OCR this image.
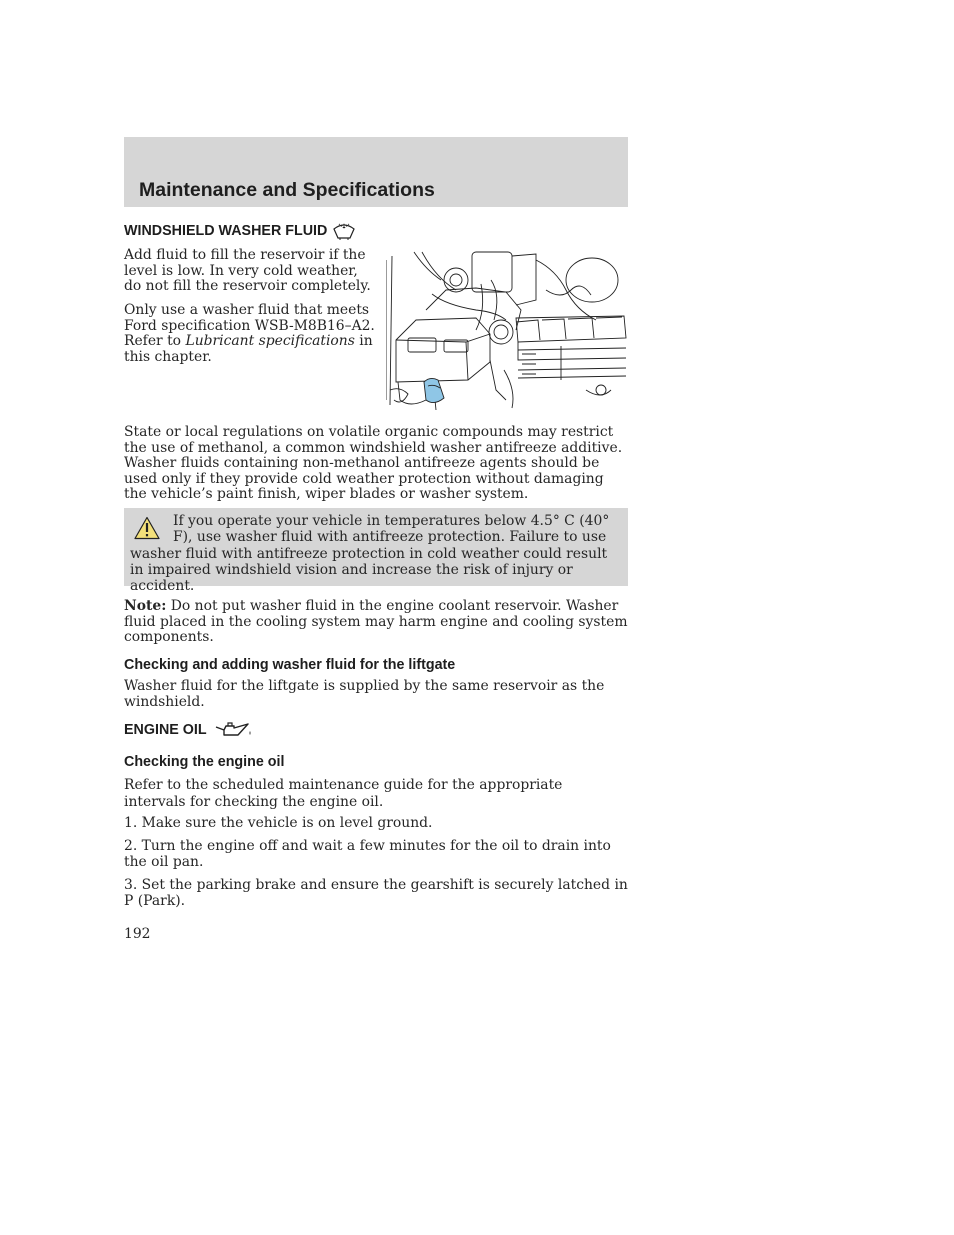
Maintenance and Specifications
WINDSHIELD WASHER FLUID

Add fluid to fill the reservoir if the level is low. In very cold weather, do not fill the reservoir completely.

Only use a washer fluid that meets Ford specification WSB-M8B16–A2. Refer to Lubricant specifications in this chapter.

State or local regulations on volatile organic compounds may restrict the use of methanol, a common windshield washer antifreeze additive. Washer fluids containing non-methanol antifreeze agents should be used only if they provide cold weather protection without damaging the vehicle’s paint finish, wiper blades or washer system.

If you operate your vehicle in temperatures below 4.5° C (40° F), use washer fluid with antifreeze protection. Failure to use washer fluid with antifreeze protection in cold weather could result in impaired windshield vision and increase the risk of injury or accident.

Note: Do not put washer fluid in the engine coolant reservoir. Washer fluid placed in the cooling system may harm engine and cooling system components.

Checking and adding washer fluid for the liftgate

Washer fluid for the liftgate is supplied by the same reservoir as the windshield.

ENGINE OIL
Checking the engine oil

Refer to the scheduled maintenance guide for the appropriate intervals for checking the engine oil.

1. Make sure the vehicle is on level ground.

2. Turn the engine off and wait a few minutes for the oil to drain into the oil pan.

3. Set the parking brake and ensure the gearshift is securely latched in P (Park).

192
